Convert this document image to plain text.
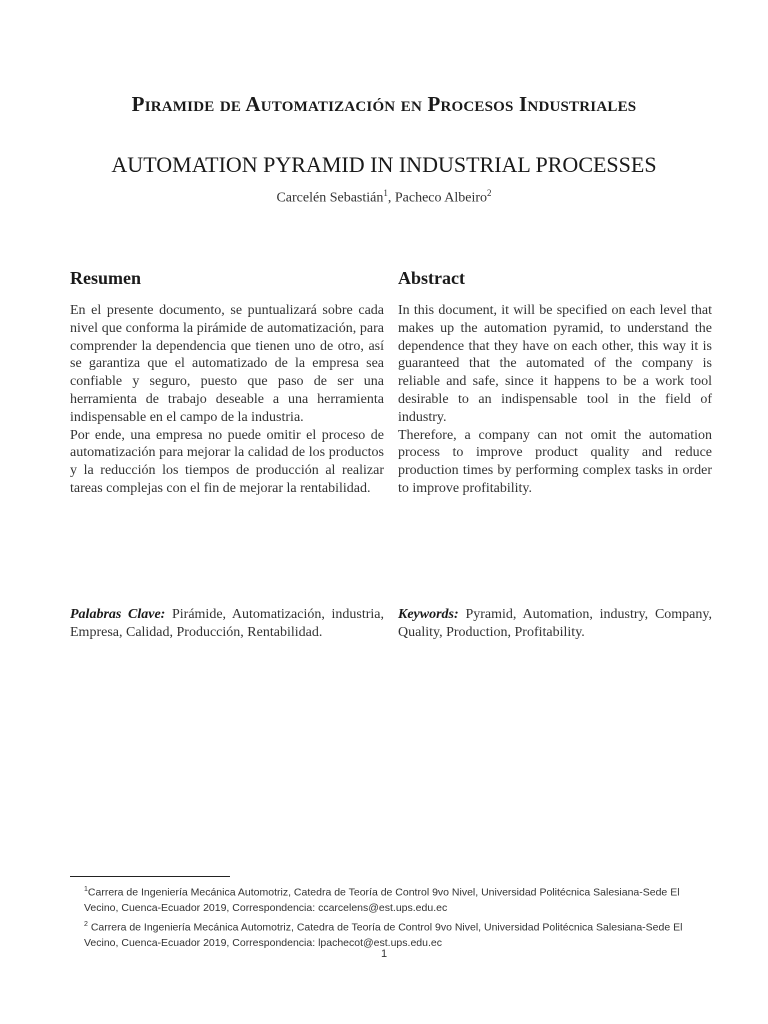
Piramide de Automatización en Procesos Industriales
AUTOMATION PYRAMID IN INDUSTRIAL PROCESSES
Carcelén Sebastián$^1$, Pacheco Albeiro$^2$
Resumen

En el presente documento, se puntualizará sobre cada nivel que conforma la pirámide de automatización, para comprender la dependencia que tienen uno de otro, así se garantiza que el automatizado de la empresa sea confiable y seguro, puesto que paso de ser una herramienta de trabajo deseable a una herramienta indispensable en el campo de la industria.

Por ende, una empresa no puede omitir el proceso de automatización para mejorar la calidad de los productos y la reducción los tiempos de producción al realizar tareas complejas con el fin de mejorar la rentabilidad.

Palabras Clave: Pirámide, Automatización, industria, Empresa, Calidad, Producción, Rentabilidad.
Abstract

In this document, it will be specified on each level that makes up the automation pyramid, to understand the dependence that they have on each other, this way it is guaranteed that the automated of the company is reliable and safe, since it happens to be a work tool desirable to an indispensable tool in the field of industry.

Therefore, a company can not omit the automation process to improve product quality and reduce production times by performing complex tasks in order to improve profitability.

Keywords: Pyramid, Automation, industry, Company, Quality, Production, Profitability.

$^1$Carrera de Ingeniería Mecánica Automotriz, Catedra de Teoría de Control 9vo Nivel, Universidad Politécnica Salesiana-Sede El Vecino, Cuenca-Ecuador 2019, Correspondencia: ccarcelens@est.ups.edu.ec

$^2$ Carrera de Ingeniería Mecánica Automotriz, Catedra de Teoría de Control 9vo Nivel, Universidad Politécnica Salesiana-Sede El Vecino, Cuenca-Ecuador 2019, Correspondencia: lpachecot@est.ups.edu.ec

1
